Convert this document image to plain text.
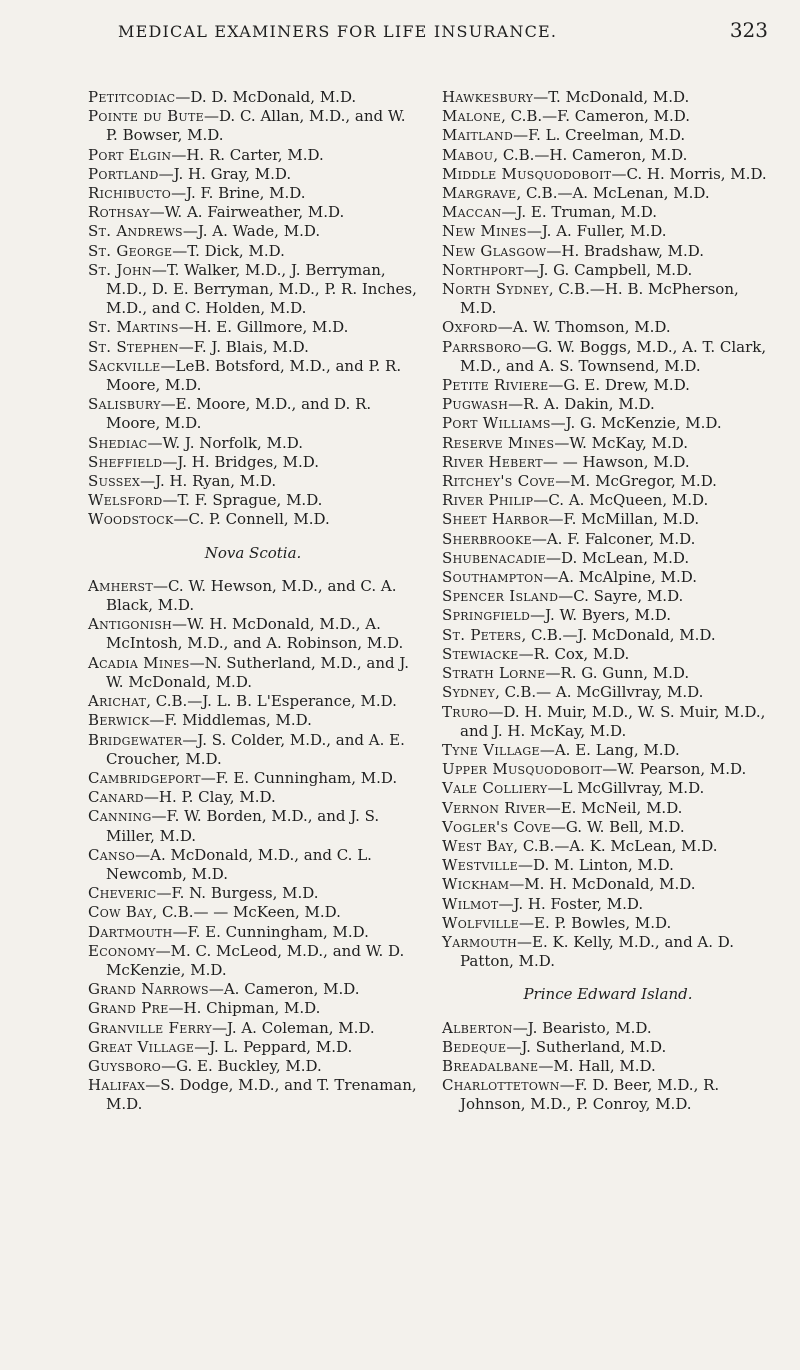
MEDICAL EXAMINERS FOR LIFE INSURANCE.	323

Petitcodiac—D. D. McDonald, M.D.

Pointe du Bute—D. C. Allan, M.D., and W. P. Bowser, M.D.

Port Elgin—H. R. Carter, M.D.

Portland—J. H. Gray, M.D.

Richibucto—J. F. Brine, M.D.

Rothsay—W. A. Fairweather, M.D.

St. Andrews—J. A. Wade, M.D.

St. George—T. Dick, M.D.

St. John—T. Walker, M.D., J. Berryman, M.D., D. E. Berryman, M.D., P. R. Inches, M.D., and C. Holden, M.D.

St. Martins—H. E. Gillmore, M.D.

St. Stephen—F. J. Blais, M.D.

Sackville—LeB. Botsford, M.D., and P. R. Moore, M.D.

Salisbury—E. Moore, M.D., and D. R. Moore, M.D.

Shediac—W. J. Norfolk, M.D.

Sheffield—J. H. Bridges, M.D.

Sussex—J. H. Ryan, M.D.

Welsford—T. F. Sprague, M.D.

Woodstock—C. P. Connell, M.D.

Nova Scotia.

Amherst—C. W. Hewson, M.D., and C. A. Black, M.D.

Antigonish—W. H. McDonald, M.D., A. McIntosh, M.D., and A. Robinson, M.D.

Acadia Mines—N. Sutherland, M.D., and J. W. McDonald, M.D.

Arichat, C.B.—J. L. B. L'Esperance, M.D.

Berwick—F. Middlemas, M.D.

Bridgewater—J. S. Colder, M.D., and A. E. Croucher, M.D.

Cambridgeport—F. E. Cunningham, M.D.

Canard—H. P. Clay, M.D.

Canning—F. W. Borden, M.D., and J. S. Miller, M.D.

Canso—A. McDonald, M.D., and C. L. Newcomb, M.D.

Cheveric—F. N. Burgess, M.D.

Cow Bay, C.B.— — McKeen, M.D.

Dartmouth—F. E. Cunningham, M.D.

Economy—M. C. McLeod, M.D., and W. D. McKenzie, M.D.

Grand Narrows—A. Cameron, M.D.

Grand Pre—H. Chipman, M.D.

Granville Ferry—J. A. Coleman, M.D.

Great Village—J. L. Peppard, M.D.

Guysboro—G. E. Buckley, M.D.

Halifax—S. Dodge, M.D., and T. Trenaman, M.D.

Hawkesbury—T. McDonald, M.D.

Malone, C.B.—F. Cameron, M.D.

Maitland—F. L. Creelman, M.D.

Mabou, C.B.—H. Cameron, M.D.

Middle Musquodoboit—C. H. Morris, M.D.

Margrave, C.B.—A. McLenan, M.D.

Maccan—J. E. Truman, M.D.

New Mines—J. A. Fuller, M.D.

New Glasgow—H. Bradshaw, M.D.

Northport—J. G. Campbell, M.D.

North Sydney, C.B.—H. B. McPherson, M.D.

Oxford—A. W. Thomson, M.D.

Parrsboro—G. W. Boggs, M.D., A. T. Clark, M.D., and A. S. Townsend, M.D.

Petite Riviere—G. E. Drew, M.D.

Pugwash—R. A. Dakin, M.D.

Port Williams—J. G. McKenzie, M.D.

Reserve Mines—W. McKay, M.D.

River Hebert— — Hawson, M.D.

Ritchey's Cove—M. McGregor, M.D.

River Philip—C. A. McQueen, M.D.

Sheet Harbor—F. McMillan, M.D.

Sherbrooke—A. F. Falconer, M.D.

Shubenacadie—D. McLean, M.D.

Southampton—A. McAlpine, M.D.

Spencer Island—C. Sayre, M.D.

Springfield—J. W. Byers, M.D.

St. Peters, C.B.—J. McDonald, M.D.

Stewiacke—R. Cox, M.D.

Strath Lorne—R. G. Gunn, M.D.

Sydney, C.B.— A. McGillvray, M.D.

Truro—D. H. Muir, M.D., W. S. Muir, M.D., and J. H. McKay, M.D.

Tyne Village—A. E. Lang, M.D.

Upper Musquodoboit—W. Pearson, M.D.

Vale Colliery—L McGillvray, M.D.

Vernon River—E. McNeil, M.D.

Vogler's Cove—G. W. Bell, M.D.

West Bay, C.B.—A. K. McLean, M.D.

Westville—D. M. Linton, M.D.

Wickham—M. H. McDonald, M.D.

Wilmot—J. H. Foster, M.D.

Wolfville—E. P. Bowles, M.D.

Yarmouth—E. K. Kelly, M.D., and A. D. Patton, M.D.

Prince Edward Island.

Alberton—J. Bearisto, M.D.

Bedeque—J. Sutherland, M.D.

Breadalbane—M. Hall, M.D.

Charlottetown—F. D. Beer, M.D., R. Johnson, M.D., P. Conroy, M.D.
